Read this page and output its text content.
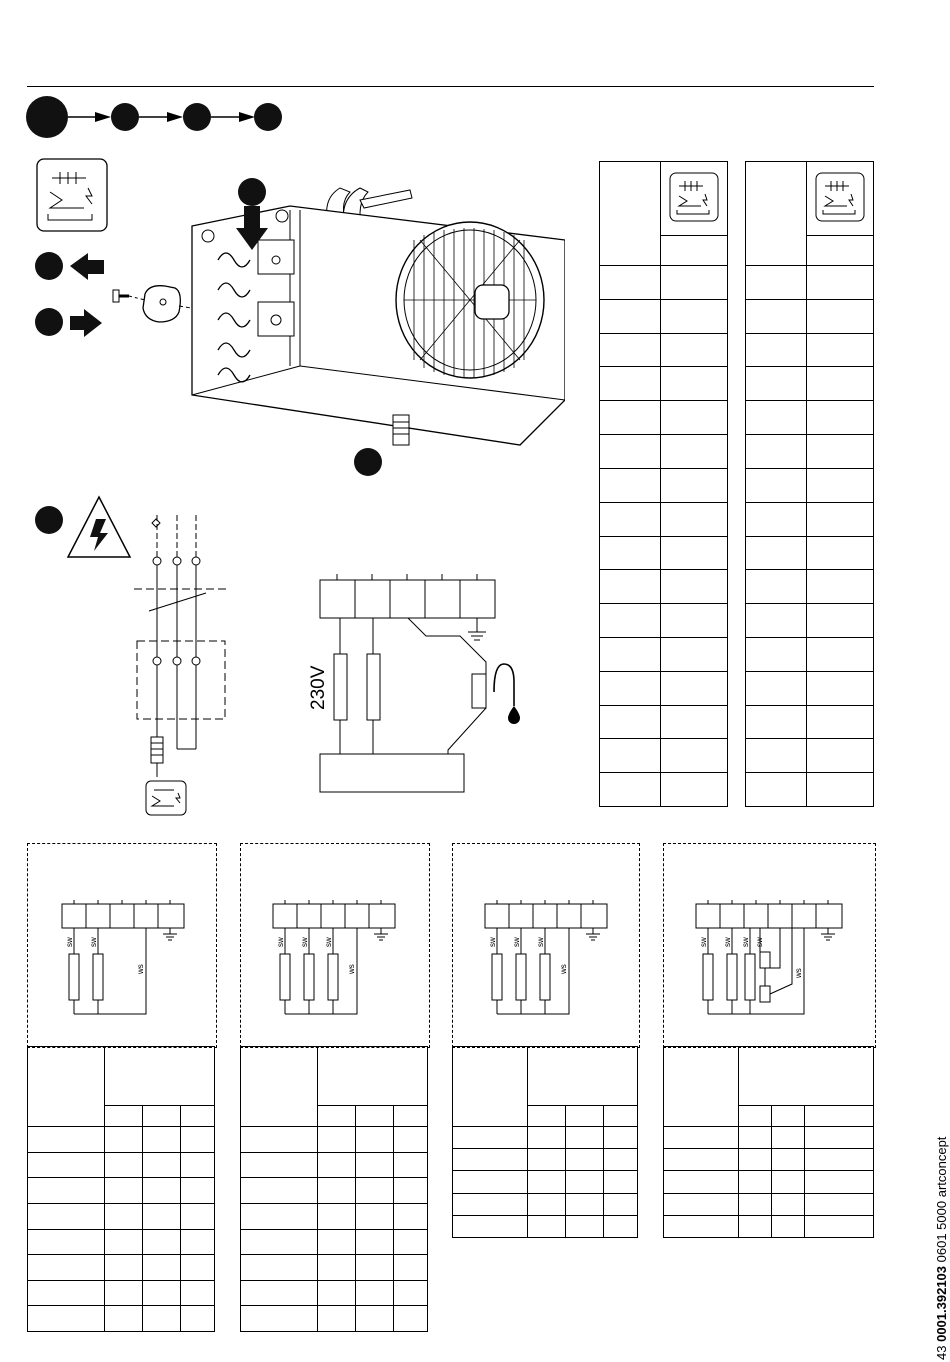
230V

sw sw
ws
sw sw sw
ws
sw sw sw
ws
sw sw sw sw
ws

43 0001.392103 0601 5000 artconcept
